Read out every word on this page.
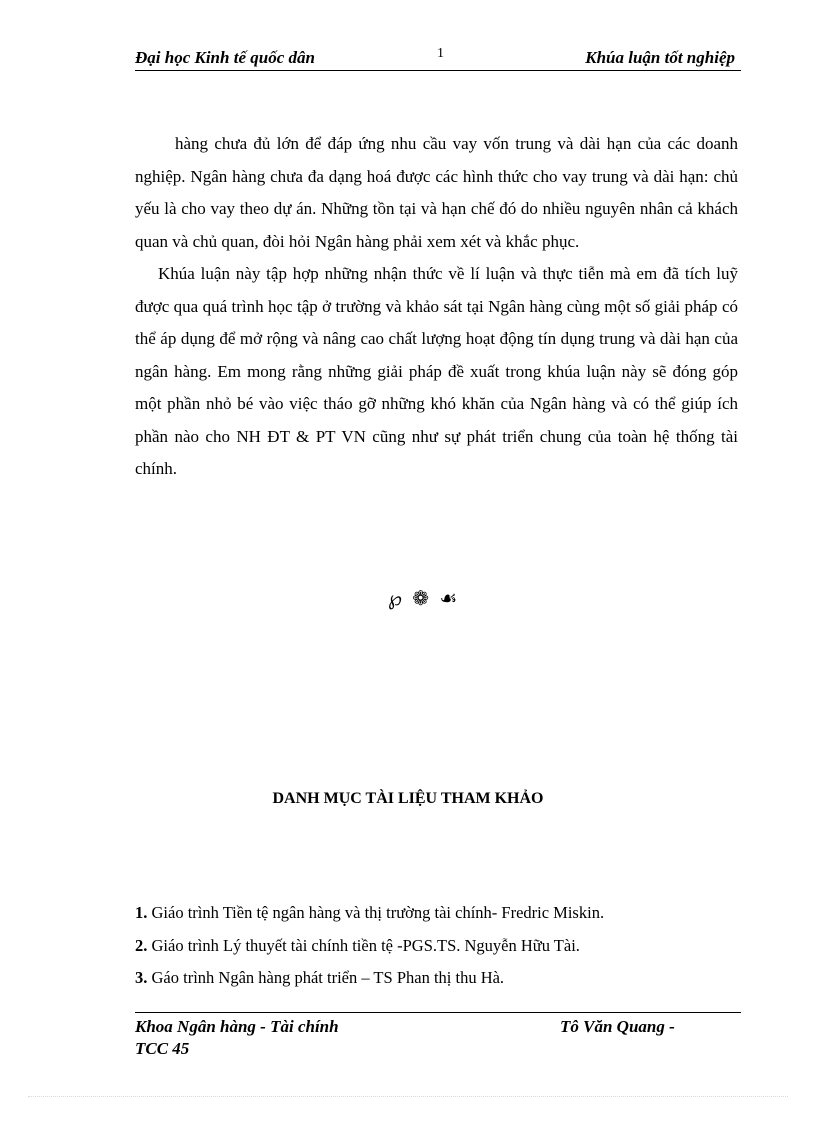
Đại học Kinh tế quốc dân	1	Khúa luận tốt nghiệp

hàng chưa đủ lớn để đáp ứng nhu cầu vay vốn trung và dài hạn của các doanh nghiệp. Ngân hàng chưa đa dạng hoá được các hình thức cho vay trung và dài hạn: chủ yếu là cho vay theo dự án. Những tồn tại và hạn chế đó do nhiều nguyên nhân cả khách quan và chủ quan, đòi hỏi Ngân hàng phải xem xét và khắc phục.

Khúa luận này tập hợp những nhận thức về lí luận và thực tiễn mà em đã tích luỹ được qua quá trình học tập ở trường và khảo sát tại Ngân hàng cùng một số giải pháp có thể áp dụng để mở rộng và nâng cao chất lượng hoạt động tín dụng trung và dài hạn của ngân hàng. Em mong rằng những giải pháp đề xuất trong khúa luận này sẽ đóng góp một phần nhỏ bé vào việc tháo gỡ những khó khăn của Ngân hàng và có thể giúp ích phần nào cho NH ĐT & PT VN cũng như sự phát triển chung của toàn hệ thống tài chính.

℘ ❁ ☙
DANH MỤC TÀI LIỆU THAM KHẢO
1. Giáo trình Tiền tệ ngân hàng và thị trường tài chính- Fredric Miskin.
2. Giáo trình Lý thuyết tài chính tiền tệ -PGS.TS. Nguyễn Hữu Tài.
3. Gáo trình Ngân hàng phát triển – TS Phan thị thu Hà.
Khoa Ngân hàng - Tài chính	Tô Văn Quang -
TCC 45
